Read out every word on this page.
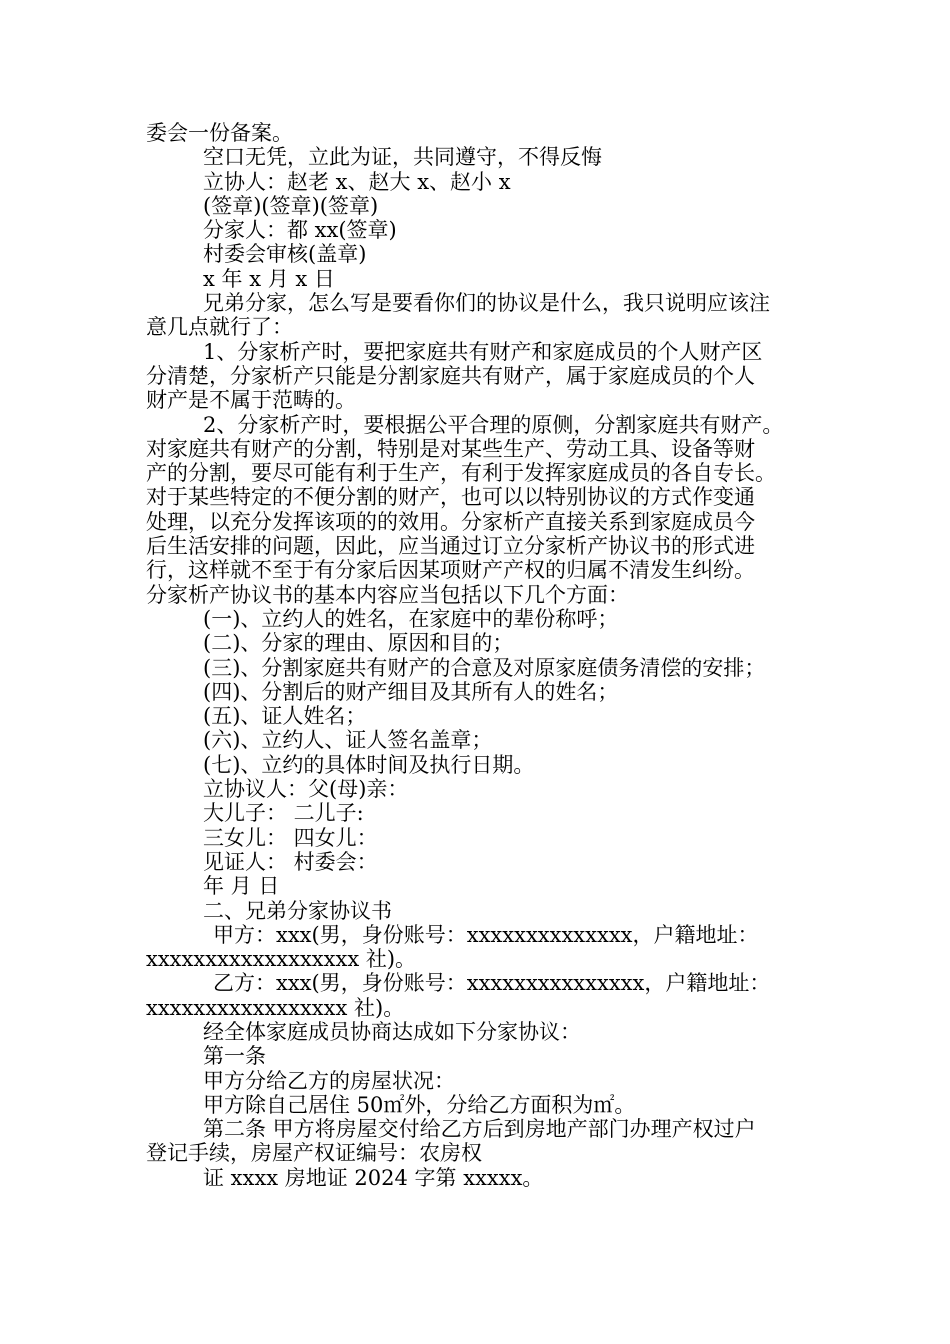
委会一份备案。
空口无凭，立此为证，共同遵守，不得反悔
立协人：赵老 x、赵大 x、赵小 x
(签章)(签章)(签章)
分家人：都 xx(签章)
村委会审核(盖章)
x 年 x 月 x 日
兄弟分家，怎么写是要看你们的协议是什么，我只说明应该注
意几点就行了：
1、分家析产时，要把家庭共有财产和家庭成员的个人财产区
分清楚，分家析产只能是分割家庭共有财产，属于家庭成员的个人
财产是不属于范畴的。
2、分家析产时，要根据公平合理的原侧，分割家庭共有财产。
对家庭共有财产的分割，特别是对某些生产、劳动工具、设备等财
产的分割，要尽可能有利于生产，有利于发挥家庭成员的各自专长。
对于某些特定的不便分割的财产，也可以以特别协议的方式作变通
处理，以充分发挥该项的的效用。分家析产直接关系到家庭成员今
后生活安排的问题，因此，应当通过订立分家析产协议书的形式进
行，这样就不至于有分家后因某项财产产权的归属不清发生纠纷。
分家析产协议书的基本内容应当包括以下几个方面：
(一)、立约人的姓名，在家庭中的辈份称呼；
(二)、分家的理由、原因和目的；
(三)、分割家庭共有财产的合意及对原家庭债务清偿的安排；
(四)、分割后的财产细目及其所有人的姓名；
(五)、证人姓名；
(六)、立约人、证人签名盖章；
(七)、立约的具体时间及执行日期。
立协议人：父(母)亲：
大儿子： 二儿子:
三女儿： 四女儿：
见证人： 村委会：
年 月 日
二、兄弟分家协议书
甲方：xxx(男，身份账号：xxxxxxxxxxxxxx，户籍地址：
xxxxxxxxxxxxxxxxxx 社)。
乙方：xxx(男，身份账号：xxxxxxxxxxxxxxx，户籍地址：
xxxxxxxxxxxxxxxxx 社)。
经全体家庭成员协商达成如下分家协议：
第一条
甲方分给乙方的房屋状况：
甲方除自己居住 50㎡外，分给乙方面积为㎡。
第二条 甲方将房屋交付给乙方后到房地产部门办理产权过户
登记手续，房屋产权证编号：农房权
证 xxxx 房地证 2024 字第 xxxxx。
